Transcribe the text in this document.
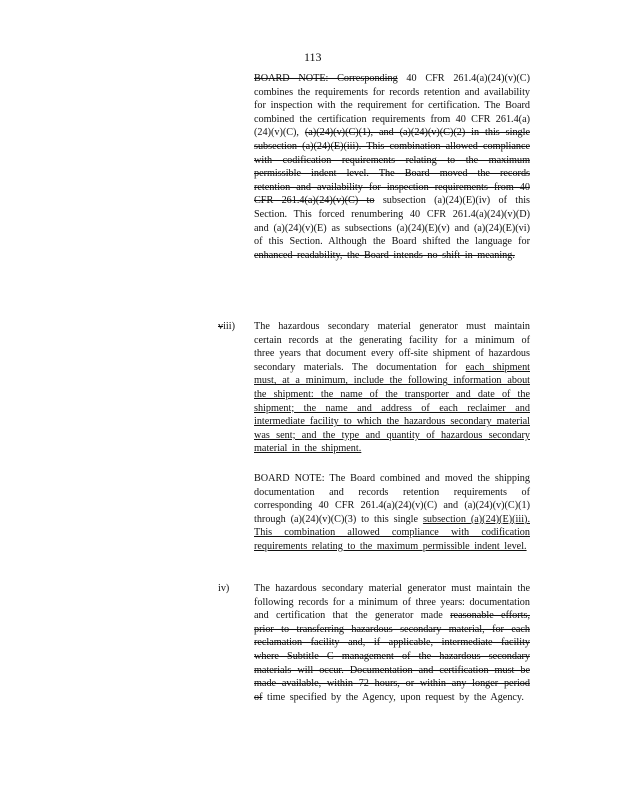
113
BOARD NOTE: Corresponding 40 CFR 261.4(a)(24)(v)(C) combines the requirements for records retention and availability for inspection with the requirement for certification. The Board combined the certification requirements from 40 CFR 261.4(a)(24)(v)(C), (a)(24)(v)(C)(1), and (a)(24)(v)(C)(2) in this single subsection (a)(24)(E)(iii). This combination allowed compliance with codification requirements relating to the maximum permissible indent level. The Board moved the records retention and availability for inspection requirements from 40 CFR 261.4(a)(24)(v)(C) to subsection (a)(24)(E)(iv) of this Section. This forced renumbering 40 CFR 261.4(a)(24)(v)(D) and (a)(24)(v)(E) as subsections (a)(24)(E)(v) and (a)(24)(E)(vi) of this Section. Although the Board shifted the language for enhanced readability, the Board intends no shift in meaning.
viii) The hazardous secondary material generator must maintain certain records at the generating facility for a minimum of three years that document every off-site shipment of hazardous secondary materials. The documentation for each shipment must, at a minimum, include the following information about the shipment: the name of the transporter and date of the shipment; the name and address of each reclaimer and intermediate facility to which the hazardous secondary material was sent; and the type and quantity of hazardous secondary material in the shipment.
BOARD NOTE: The Board combined and moved the shipping documentation and records retention requirements of corresponding 40 CFR 261.4(a)(24)(v)(C) and (a)(24)(v)(C)(1) through (a)(24)(v)(C)(3) to this single subsection (a)(24)(E)(iii). This combination allowed compliance with codification requirements relating to the maximum permissible indent level.
iv) The hazardous secondary material generator must maintain the following records for a minimum of three years: documentation and certification that the generator made reasonable efforts, prior to transferring hazardous secondary material, for each reclamation facility and, if applicable, intermediate facility where Subtitle C management of the hazardous secondary materials will occur. Documentation and certification must be made available, within 72 hours, or within any longer period of time specified by the Agency, upon request by the Agency.
